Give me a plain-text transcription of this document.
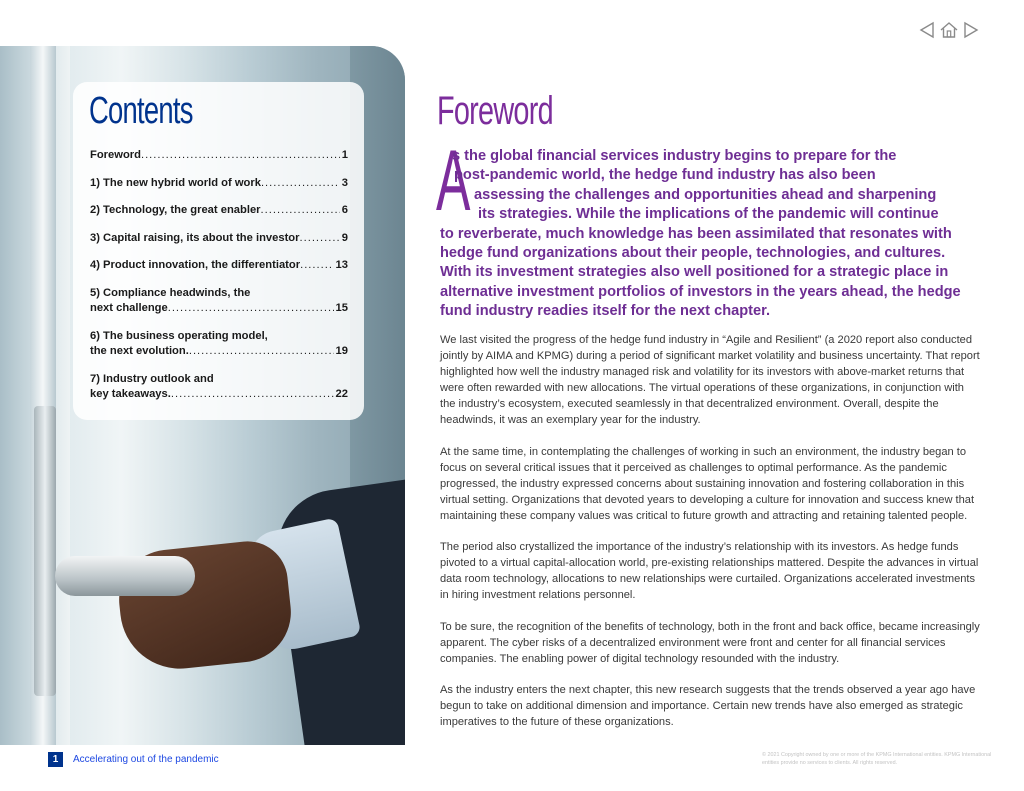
Contents
Foreword .....	1
1) The new hybrid world of work .....	3
2) Technology, the great enabler .....	6
3) Capital raising, its about the investor .....	9
4) Product innovation, the differentiator .....	13
5) Compliance headwinds, the
next challenge .....	15
6) The business operating model,
the next evolution. .....	19
7) Industry outlook and
key takeaways. .....	22
Foreword
A
s the global financial services industry begins to prepare for the
post-pandemic world, the hedge fund industry has also been
assessing the challenges and opportunities ahead and sharpening
its strategies. While the implications of the pandemic will continue
to reverberate, much knowledge has been assimilated that resonates with
hedge fund organizations about their people, technologies, and cultures.
With its investment strategies also well positioned for a strategic place in
alternative investment portfolios of investors in the years ahead, the hedge
fund industry readies itself for the next chapter.

We last visited the progress of the hedge fund industry in “Agile and Resilient” (a 2020 report also conducted jointly by AIMA and KPMG) during a period of significant market volatility and business uncertainty. That report highlighted how well the industry managed risk and volatility for its investors with above-market returns that were often rewarded with new allocations. The virtual operations of these organizations, in conjunction with the industry’s ecosystem, executed seamlessly in that decentralized environment. Overall, despite the headwinds, it was an exemplary year for the industry.

At the same time, in contemplating the challenges of working in such an environment, the industry began to focus on several critical issues that it perceived as challenges to optimal performance. As the pandemic progressed, the industry expressed concerns about sustaining innovation and fostering collaboration in this virtual setting. Organizations that devoted years to developing a culture for innovation and success knew that maintaining these company values was critical to future growth and attracting and retaining talented people.

The period also crystallized the importance of the industry’s relationship with its investors. As hedge funds pivoted to a virtual capital-allocation world, pre-existing relationships mattered. Despite the advances in virtual data room technology, allocations to new relationships were curtailed. Organizations accelerated investments in hiring investment relations personnel.

To be sure, the recognition of the benefits of technology, both in the front and back office, became increasingly apparent. The cyber risks of a decentralized environment were front and center for all financial services companies. The enabling power of digital technology resounded with the industry.

As the industry enters the next chapter, this new research suggests that the trends observed a year ago have begun to take on additional dimension and importance. Certain new trends have also emerged as strategic imperatives to the future of these organizations.

1	Accelerating out of the pandemic	© 2021 Copyright owned by one or more of the KPMG International entities. KPMG International entities provide no services to clients. All rights reserved.
